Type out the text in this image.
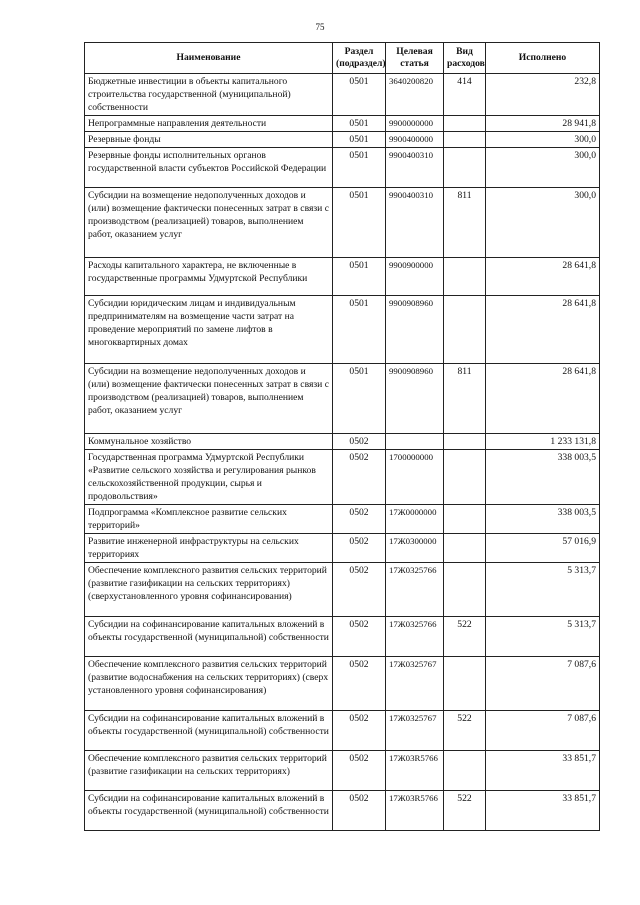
75
Наименование	Раздел (подраздел)	Целевая статья	Вид расходов	Исполнено
Бюджетные инвестиции в объекты капитального строительства государственной (муниципальной) собственности	0501	3640200820	414	232,8
Непрограммные направления деятельности	0501	9900000000		28 941,8
Резервные фонды	0501	9900400000		300,0
Резервные фонды исполнительных органов государственной власти субъектов Российской Федерации	0501	9900400310		300,0
Субсидии на возмещение недополученных доходов и (или) возмещение фактически понесенных затрат в связи с производством (реализацией) товаров, выполнением работ, оказанием услуг	0501	9900400310	811	300,0
Расходы капитального характера, не включенные в государственные программы Удмуртской Республики	0501	9900900000		28 641,8
Субсидии юридическим лицам и индивидуальным предпринимателям на возмещение части затрат на проведение мероприятий по замене лифтов в многоквартирных домах	0501	9900908960		28 641,8
Субсидии на возмещение недополученных доходов и (или) возмещение фактически понесенных затрат в связи с производством (реализацией) товаров, выполнением работ, оказанием услуг	0501	9900908960	811	28 641,8
Коммунальное хозяйство	0502			1 233 131,8
Государственная программа Удмуртской Республики «Развитие сельского хозяйства и регулирования рынков сельскохозяйственной продукции, сырья и продовольствия»	0502	1700000000		338 003,5
Подпрограмма «Комплексное развитие сельских территорий»	0502	17Ж0000000		338 003,5
Развитие инженерной инфраструктуры на сельских территориях	0502	17Ж0300000		57 016,9
Обеспечение комплексного развития сельских территорий (развитие газификации на сельских территориях) (сверхустановленного уровня софинансирования)	0502	17Ж0325766		5 313,7
Субсидии на софинансирование капитальных вложений в объекты государственной (муниципальной) собственности	0502	17Ж0325766	522	5 313,7
Обеспечение комплексного развития сельских территорий (развитие водоснабжения на сельских территориях) (сверх установленного уровня софинансирования)	0502	17Ж0325767		7 087,6
Субсидии на софинансирование капитальных вложений в объекты государственной (муниципальной) собственности	0502	17Ж0325767	522	7 087,6
Обеспечение комплексного развития сельских территорий (развитие газификации на сельских территориях)	0502	17Ж03R5766		33 851,7
Субсидии на софинансирование капитальных вложений в объекты государственной (муниципальной) собственности	0502	17Ж03R5766	522	33 851,7
